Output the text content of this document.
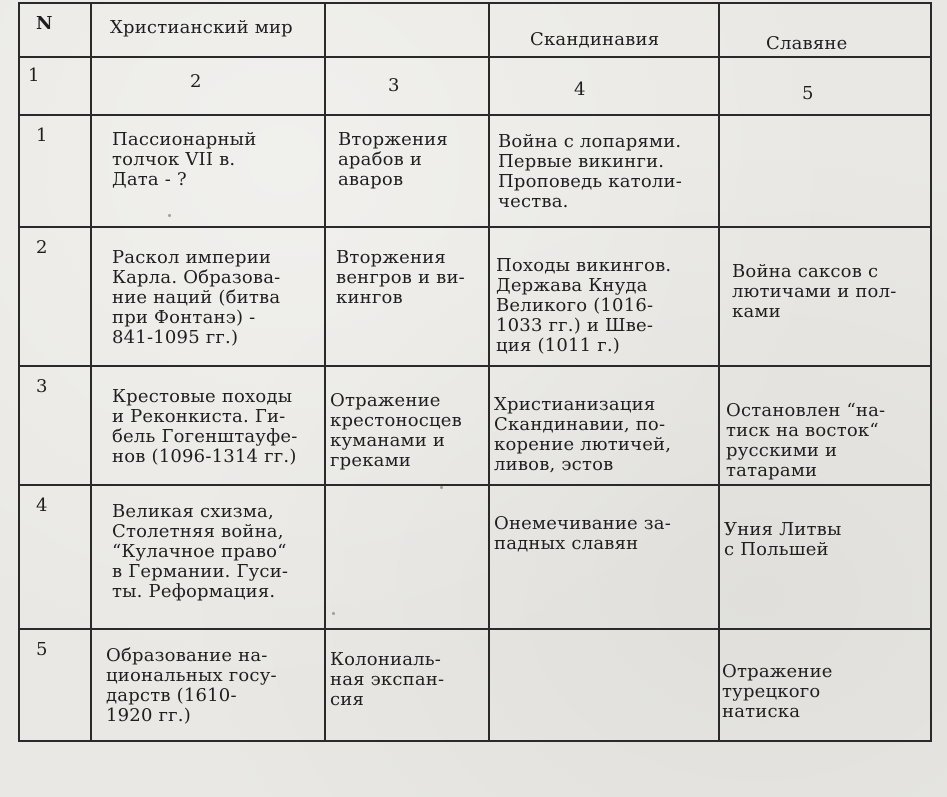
N	Христианский мир		Скандинавия	Славяне

1	2	3	4	5

1	Пассионарный
толчок VII в.
Дата - ?	Вторжения
арабов и
аваров	Война с лопарями.
Первые викинги.
Проповедь католи-
чества.	

2	Раскол империи
Карла. Образова-
ние наций (битва
при Фонтанэ) -
841-1095 гг.)	Вторжения
венгров и ви-
кингов	Походы викингов.
Держава Кнуда
Великого (1016-
1033 гг.) и Шве-
ция (1011 г.)	Война саксов с
лютичами и пол-
ками

3	Крестовые походы
и Реконкиста. Ги-
бель Гогенштауфе-
нов (1096-1314 гг.)	Отражение
крестоносцев
куманами и
греками	Христианизация
Скандинавии, по-
корение лютичей,
ливов, эстов	Остановлен “на-
тиск на восток“
русскими и
татарами

4	Великая схизма,
Столетняя война,
“Кулачное право“
в Германии. Гуси-
ты. Реформация.		Онемечивание за-
падных славян	Уния Литвы
с Польшей

5	Образование на-
циональных госу-
дарств (1610-
1920 гг.)	Колониаль-
ная экспан-
сия		Отражение
турецкого
натиска
